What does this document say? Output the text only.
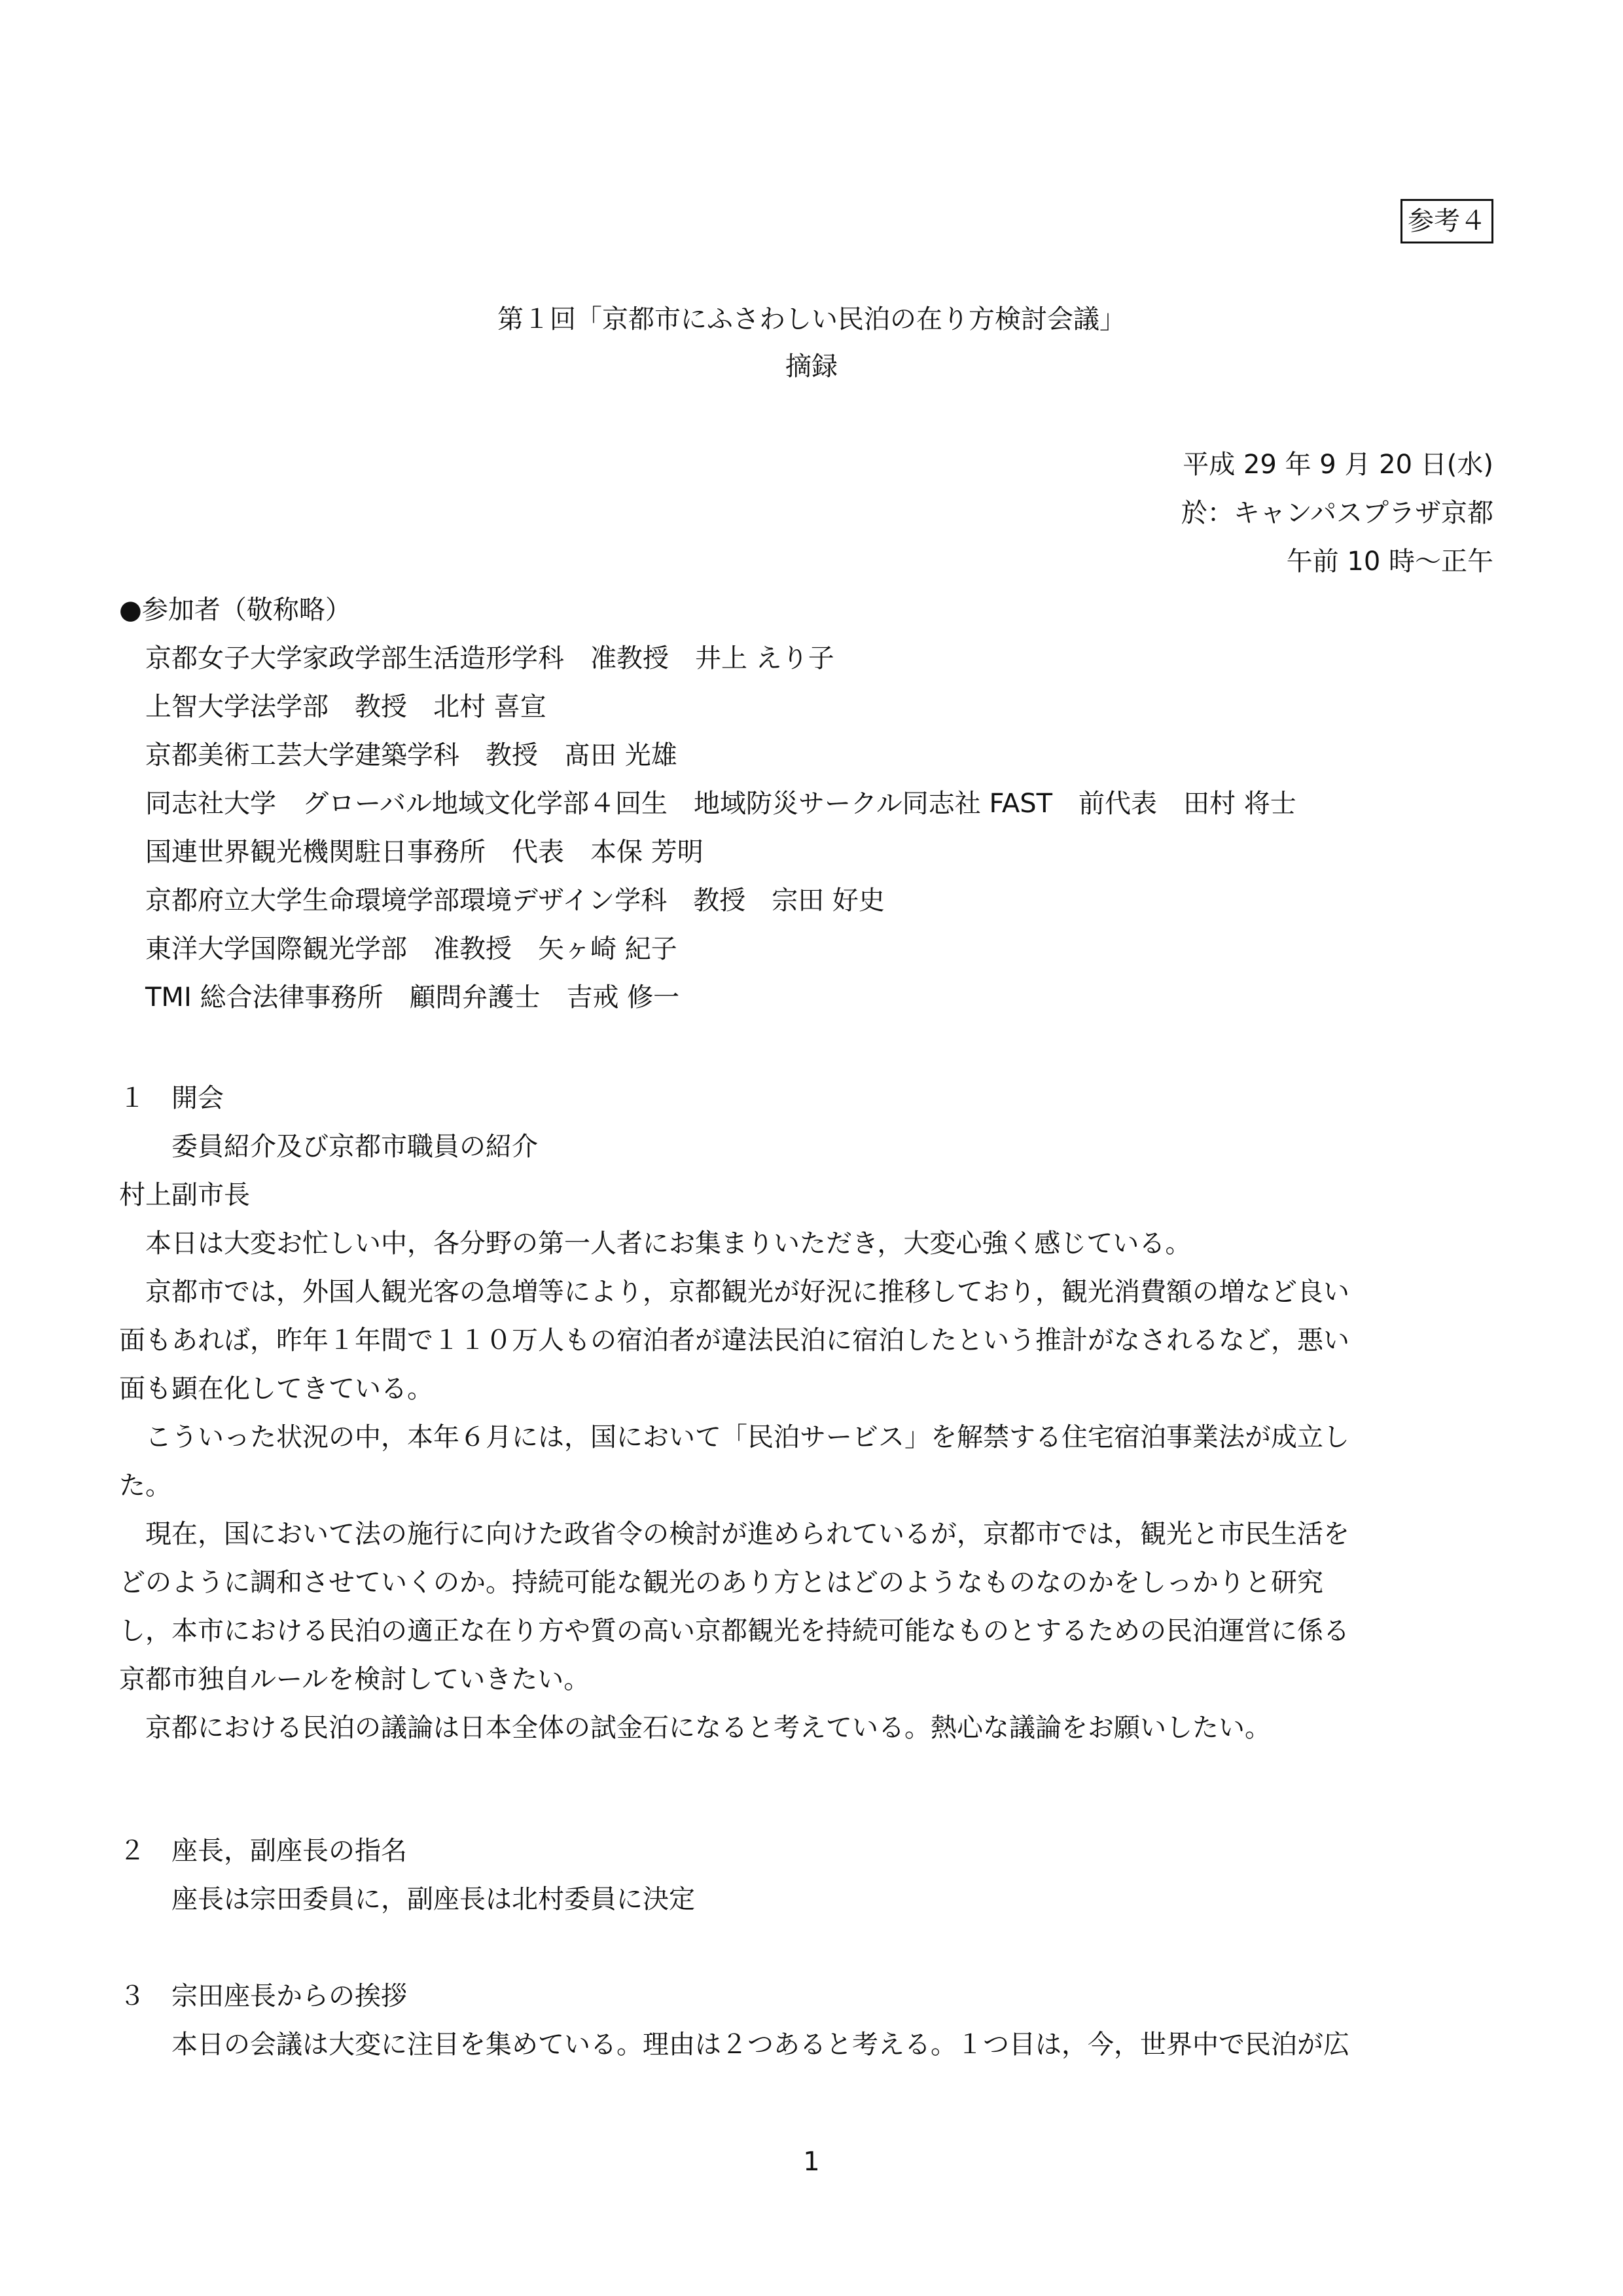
参考４
第１回「京都市にふさわしい民泊の在り方検討会議」
摘録
平成 29 年 9 月 20 日(水)
於：キャンパスプラザ京都
午前 10 時～正午
●参加者（敬称略）
京都女子大学家政学部生活造形学科　准教授　井上 えり子
上智大学法学部　教授　北村 喜宣
京都美術工芸大学建築学科　教授　髙田 光雄
同志社大学　グローバル地域文化学部４回生　地域防災サークル同志社 FAST　前代表　田村 将士
国連世界観光機関駐日事務所　代表　本保 芳明
京都府立大学生命環境学部環境デザイン学科　教授　宗田 好史
東洋大学国際観光学部　准教授　矢ヶ崎 紀子
TMI 総合法律事務所　顧問弁護士　吉戒 修一
１　開会
委員紹介及び京都市職員の紹介
村上副市長
本日は大変お忙しい中，各分野の第一人者にお集まりいただき，大変心強く感じている。
京都市では，外国人観光客の急増等により，京都観光が好況に推移しており，観光消費額の増など良い
面もあれば，昨年１年間で１１０万人もの宿泊者が違法民泊に宿泊したという推計がなされるなど，悪い
面も顕在化してきている。
こういった状況の中，本年６月には，国において「民泊サービス」を解禁する住宅宿泊事業法が成立し
た。
現在，国において法の施行に向けた政省令の検討が進められているが，京都市では，観光と市民生活を
どのように調和させていくのか。持続可能な観光のあり方とはどのようなものなのかをしっかりと研究
し，本市における民泊の適正な在り方や質の高い京都観光を持続可能なものとするための民泊運営に係る
京都市独自ルールを検討していきたい。
京都における民泊の議論は日本全体の試金石になると考えている。熱心な議論をお願いしたい。
２　座長，副座長の指名
座長は宗田委員に，副座長は北村委員に決定
３　宗田座長からの挨拶
本日の会議は大変に注目を集めている。理由は２つあると考える。１つ目は，今，世界中で民泊が広
1
